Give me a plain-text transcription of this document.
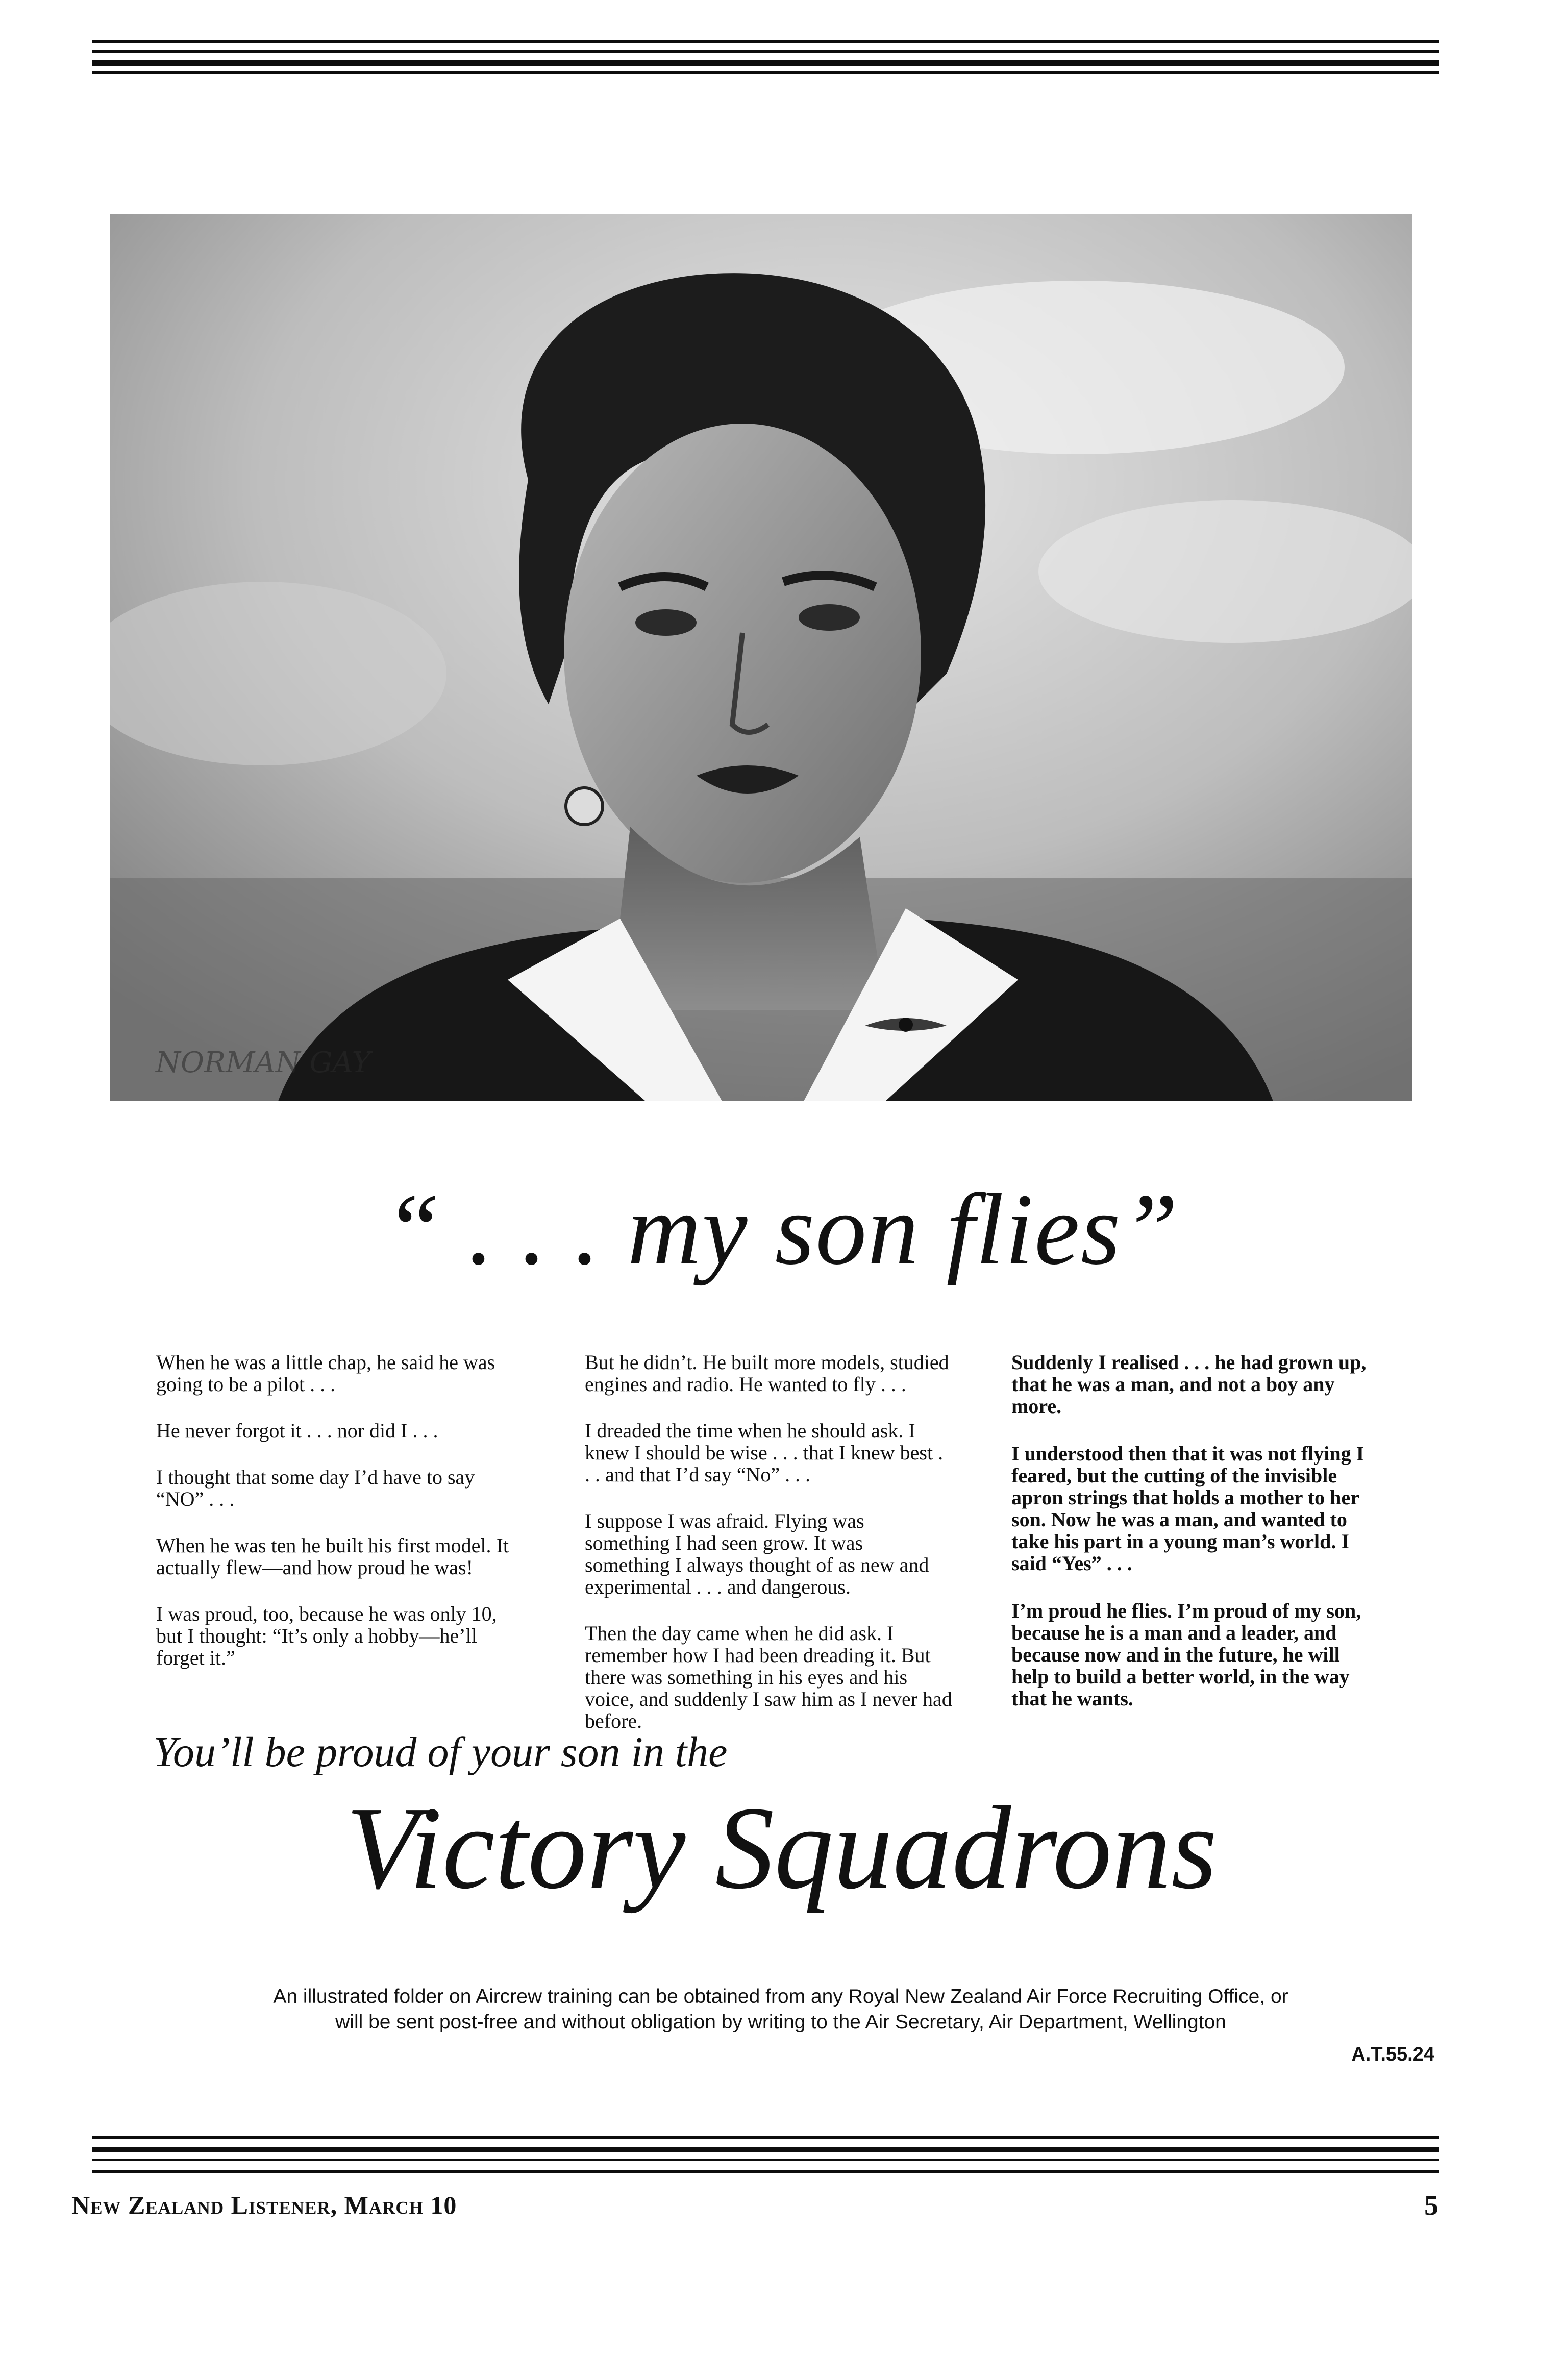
NORMAN GAY
“ . . . my son flies”

When he was a little chap, he said he was going to be a pilot . . .

He never forgot it . . . nor did I . . .

I thought that some day I’d have to say “NO” . . .

When he was ten he built his first model. It actually flew—and how proud he was!

I was proud, too, because he was only 10, but I thought: “It’s only a hobby—he’ll forget it.”

But he didn’t. He built more models, studied engines and radio. He wanted to fly . . .

I dreaded the time when he should ask. I knew I should be wise . . . that I knew best . . . and that I’d say “No” . . .

I suppose I was afraid. Flying was something I had seen grow. It was something I always thought of as new and experimental . . . and dangerous.

Then the day came when he did ask. I remember how I had been dreading it. But there was something in his eyes and his voice, and suddenly I saw him as I never had before.

Suddenly I realised . . . he had grown up, that he was a man, and not a boy any more.

I understood then that it was not flying I feared, but the cutting of the invisible apron strings that holds a mother to her son. Now he was a man, and wanted to take his part in a young man’s world. I said “Yes” . . .

I’m proud he flies. I’m proud of my son, because he is a man and a leader, and because now and in the future, he will help to build a better world, in the way that he wants.

You’ll be proud of your son in the
Victory Squadrons
An illustrated folder on Aircrew training can be obtained from any Royal New Zealand Air Force Recruiting Office, or
will be sent post-free and without obligation by writing to the Air Secretary, Air Department, Wellington
A.T.55.24
New Zealand Listener, March 10	5
